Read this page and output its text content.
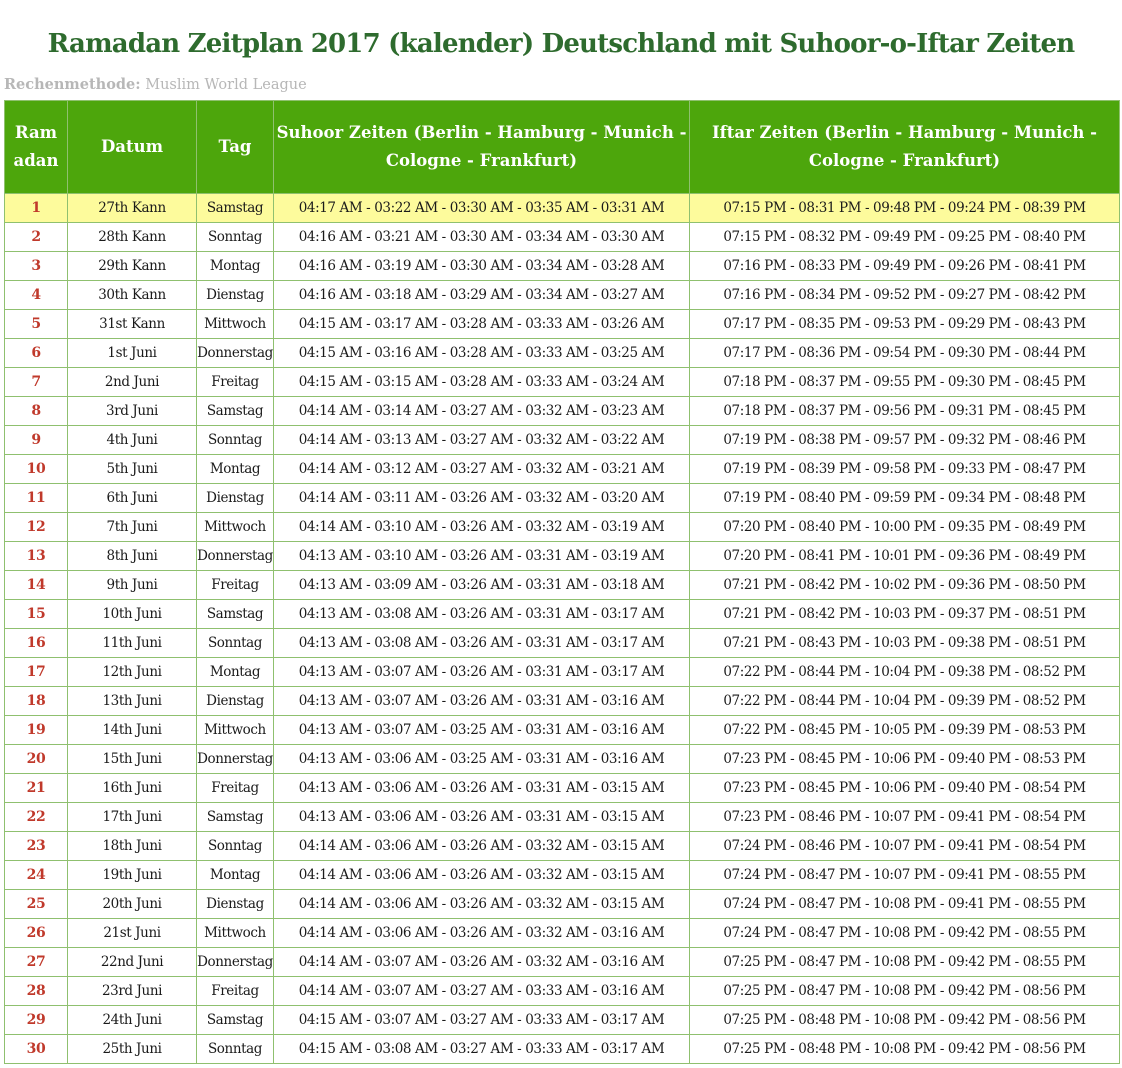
Ramadan Zeitplan 2017 (kalender) Deutschland mit Suhoor-o-Iftar Zeiten
Rechenmethode: Muslim World League
Ram adan	Datum	Tag	Suhoor Zeiten (Berlin - Hamburg - Munich - Cologne - Frankfurt)	Iftar Zeiten (Berlin - Hamburg - Munich - Cologne - Frankfurt)
1	27th Kann	Samstag	04:17 AM - 03:22 AM - 03:30 AM - 03:35 AM - 03:31 AM	07:15 PM - 08:31 PM - 09:48 PM - 09:24 PM - 08:39 PM
2	28th Kann	Sonntag	04:16 AM - 03:21 AM - 03:30 AM - 03:34 AM - 03:30 AM	07:15 PM - 08:32 PM - 09:49 PM - 09:25 PM - 08:40 PM
3	29th Kann	Montag	04:16 AM - 03:19 AM - 03:30 AM - 03:34 AM - 03:28 AM	07:16 PM - 08:33 PM - 09:49 PM - 09:26 PM - 08:41 PM
4	30th Kann	Dienstag	04:16 AM - 03:18 AM - 03:29 AM - 03:34 AM - 03:27 AM	07:16 PM - 08:34 PM - 09:52 PM - 09:27 PM - 08:42 PM
5	31st Kann	Mittwoch	04:15 AM - 03:17 AM - 03:28 AM - 03:33 AM - 03:26 AM	07:17 PM - 08:35 PM - 09:53 PM - 09:29 PM - 08:43 PM
6	1st Juni	Donnerstag	04:15 AM - 03:16 AM - 03:28 AM - 03:33 AM - 03:25 AM	07:17 PM - 08:36 PM - 09:54 PM - 09:30 PM - 08:44 PM
7	2nd Juni	Freitag	04:15 AM - 03:15 AM - 03:28 AM - 03:33 AM - 03:24 AM	07:18 PM - 08:37 PM - 09:55 PM - 09:30 PM - 08:45 PM
8	3rd Juni	Samstag	04:14 AM - 03:14 AM - 03:27 AM - 03:32 AM - 03:23 AM	07:18 PM - 08:37 PM - 09:56 PM - 09:31 PM - 08:45 PM
9	4th Juni	Sonntag	04:14 AM - 03:13 AM - 03:27 AM - 03:32 AM - 03:22 AM	07:19 PM - 08:38 PM - 09:57 PM - 09:32 PM - 08:46 PM
10	5th Juni	Montag	04:14 AM - 03:12 AM - 03:27 AM - 03:32 AM - 03:21 AM	07:19 PM - 08:39 PM - 09:58 PM - 09:33 PM - 08:47 PM
11	6th Juni	Dienstag	04:14 AM - 03:11 AM - 03:26 AM - 03:32 AM - 03:20 AM	07:19 PM - 08:40 PM - 09:59 PM - 09:34 PM - 08:48 PM
12	7th Juni	Mittwoch	04:14 AM - 03:10 AM - 03:26 AM - 03:32 AM - 03:19 AM	07:20 PM - 08:40 PM - 10:00 PM - 09:35 PM - 08:49 PM
13	8th Juni	Donnerstag	04:13 AM - 03:10 AM - 03:26 AM - 03:31 AM - 03:19 AM	07:20 PM - 08:41 PM - 10:01 PM - 09:36 PM - 08:49 PM
14	9th Juni	Freitag	04:13 AM - 03:09 AM - 03:26 AM - 03:31 AM - 03:18 AM	07:21 PM - 08:42 PM - 10:02 PM - 09:36 PM - 08:50 PM
15	10th Juni	Samstag	04:13 AM - 03:08 AM - 03:26 AM - 03:31 AM - 03:17 AM	07:21 PM - 08:42 PM - 10:03 PM - 09:37 PM - 08:51 PM
16	11th Juni	Sonntag	04:13 AM - 03:08 AM - 03:26 AM - 03:31 AM - 03:17 AM	07:21 PM - 08:43 PM - 10:03 PM - 09:38 PM - 08:51 PM
17	12th Juni	Montag	04:13 AM - 03:07 AM - 03:26 AM - 03:31 AM - 03:17 AM	07:22 PM - 08:44 PM - 10:04 PM - 09:38 PM - 08:52 PM
18	13th Juni	Dienstag	04:13 AM - 03:07 AM - 03:26 AM - 03:31 AM - 03:16 AM	07:22 PM - 08:44 PM - 10:04 PM - 09:39 PM - 08:52 PM
19	14th Juni	Mittwoch	04:13 AM - 03:07 AM - 03:25 AM - 03:31 AM - 03:16 AM	07:22 PM - 08:45 PM - 10:05 PM - 09:39 PM - 08:53 PM
20	15th Juni	Donnerstag	04:13 AM - 03:06 AM - 03:25 AM - 03:31 AM - 03:16 AM	07:23 PM - 08:45 PM - 10:06 PM - 09:40 PM - 08:53 PM
21	16th Juni	Freitag	04:13 AM - 03:06 AM - 03:26 AM - 03:31 AM - 03:15 AM	07:23 PM - 08:45 PM - 10:06 PM - 09:40 PM - 08:54 PM
22	17th Juni	Samstag	04:13 AM - 03:06 AM - 03:26 AM - 03:31 AM - 03:15 AM	07:23 PM - 08:46 PM - 10:07 PM - 09:41 PM - 08:54 PM
23	18th Juni	Sonntag	04:14 AM - 03:06 AM - 03:26 AM - 03:32 AM - 03:15 AM	07:24 PM - 08:46 PM - 10:07 PM - 09:41 PM - 08:54 PM
24	19th Juni	Montag	04:14 AM - 03:06 AM - 03:26 AM - 03:32 AM - 03:15 AM	07:24 PM - 08:47 PM - 10:07 PM - 09:41 PM - 08:55 PM
25	20th Juni	Dienstag	04:14 AM - 03:06 AM - 03:26 AM - 03:32 AM - 03:15 AM	07:24 PM - 08:47 PM - 10:08 PM - 09:41 PM - 08:55 PM
26	21st Juni	Mittwoch	04:14 AM - 03:06 AM - 03:26 AM - 03:32 AM - 03:16 AM	07:24 PM - 08:47 PM - 10:08 PM - 09:42 PM - 08:55 PM
27	22nd Juni	Donnerstag	04:14 AM - 03:07 AM - 03:26 AM - 03:32 AM - 03:16 AM	07:25 PM - 08:47 PM - 10:08 PM - 09:42 PM - 08:55 PM
28	23rd Juni	Freitag	04:14 AM - 03:07 AM - 03:27 AM - 03:33 AM - 03:16 AM	07:25 PM - 08:47 PM - 10:08 PM - 09:42 PM - 08:56 PM
29	24th Juni	Samstag	04:15 AM - 03:07 AM - 03:27 AM - 03:33 AM - 03:17 AM	07:25 PM - 08:48 PM - 10:08 PM - 09:42 PM - 08:56 PM
30	25th Juni	Sonntag	04:15 AM - 03:08 AM - 03:27 AM - 03:33 AM - 03:17 AM	07:25 PM - 08:48 PM - 10:08 PM - 09:42 PM - 08:56 PM
